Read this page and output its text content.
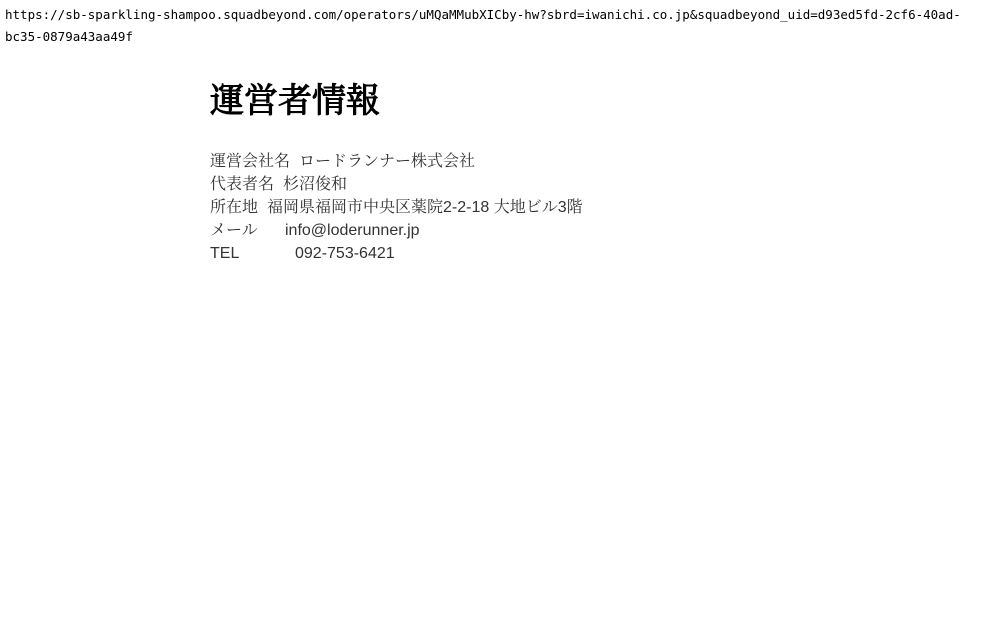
https://sb-sparkling-shampoo.squadbeyond.com/operators/uMQaMMubXICby-hw?sbrd=iwanichi.co.jp&squadbeyond_uid=d93ed5fd-2cf6-40ad-bc35-0879a43aa49f
運営者情報
運営会社名 ロードランナー株式会社
代表者名 杉沼俊和
所在地 福岡県福岡市中央区薬院2-2-18 大地ビル3階
メール info@loderunner.jp
TEL	092-753-6421
